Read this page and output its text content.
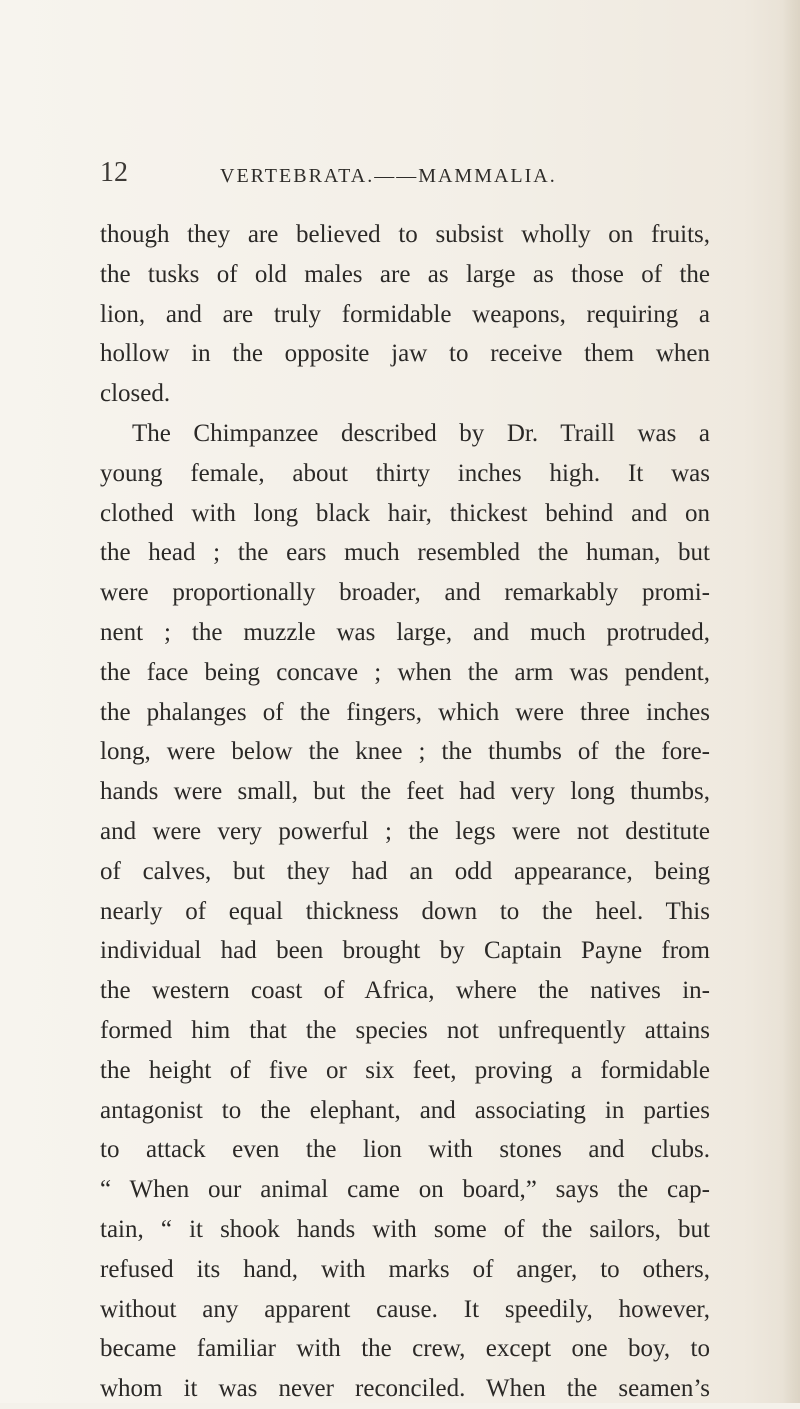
12	VERTEBRATA.——MAMMALIA.
though they are believed to subsist wholly on fruits,
the tusks of old males are as large as those of the
lion, and are truly formidable weapons, requiring a
hollow in the opposite jaw to receive them when
closed.
The Chimpanzee described by Dr. Traill was a
young female, about thirty inches high. It was
clothed with long black hair, thickest behind and on
the head ; the ears much resembled the human, but
were proportionally broader, and remarkably promi-
nent ; the muzzle was large, and much protruded,
the face being concave ; when the arm was pendent,
the phalanges of the fingers, which were three inches
long, were below the knee ; the thumbs of the fore-
hands were small, but the feet had very long thumbs,
and were very powerful ; the legs were not destitute
of calves, but they had an odd appearance, being
nearly of equal thickness down to the heel. This
individual had been brought by Captain Payne from
the western coast of Africa, where the natives in-
formed him that the species not unfrequently attains
the height of five or six feet, proving a formidable
antagonist to the elephant, and associating in parties
to attack even the lion with stones and clubs.
“ When our animal came on board,” says the cap-
tain, “ it shook hands with some of the sailors, but
refused its hand, with marks of anger, to others,
without any apparent cause. It speedily, however,
became familiar with the crew, except one boy, to
whom it was never reconciled. When the seamen’s
